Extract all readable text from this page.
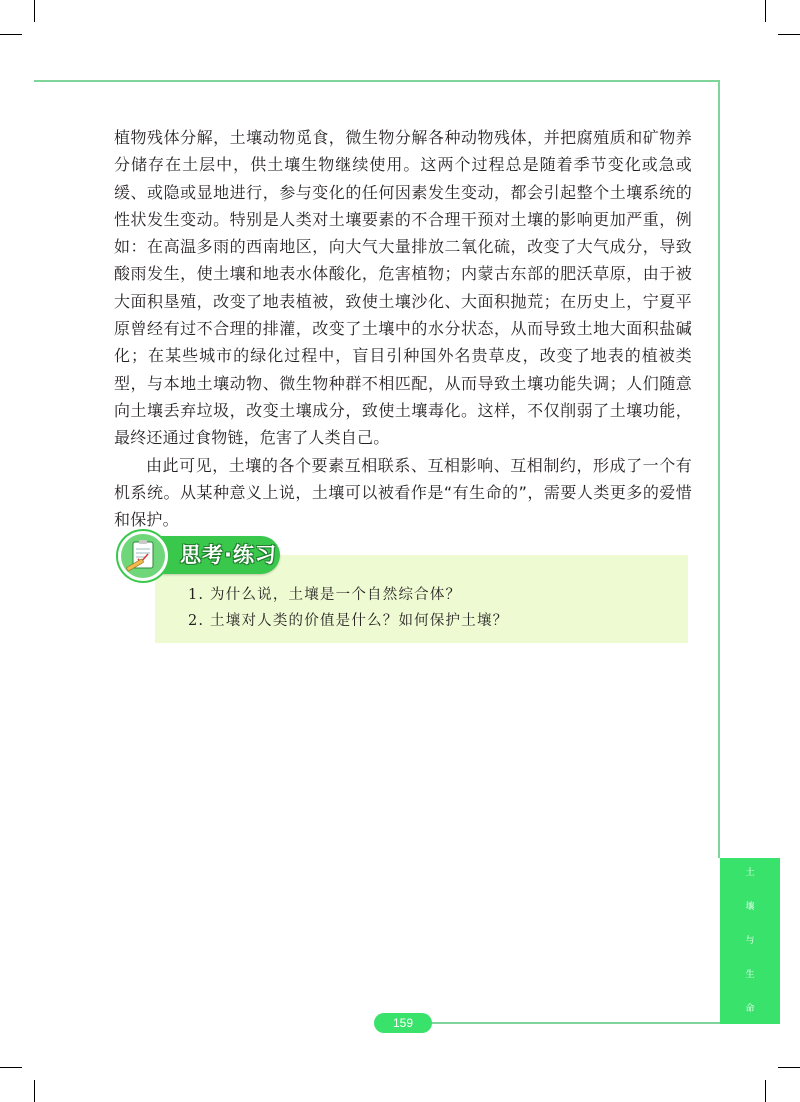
土
壤
与
生
命

植物残体分解，土壤动物觅食，微生物分解各种动物残体，并把腐殖质和矿物养分储存在土层中，供土壤生物继续使用。这两个过程总是随着季节变化或急或缓、或隐或显地进行，参与变化的任何因素发生变动，都会引起整个土壤系统的性状发生变动。特别是人类对土壤要素的不合理干预对土壤的影响更加严重，例如：在高温多雨的西南地区，向大气大量排放二氧化硫，改变了大气成分，导致酸雨发生，使土壤和地表水体酸化，危害植物；内蒙古东部的肥沃草原，由于被大面积垦殖，改变了地表植被，致使土壤沙化、大面积抛荒；在历史上，宁夏平原曾经有过不合理的排灌，改变了土壤中的水分状态，从而导致土地大面积盐碱化；在某些城市的绿化过程中，盲目引种国外名贵草皮，改变了地表的植被类型，与本地土壤动物、微生物种群不相匹配，从而导致土壤功能失调；人们随意向土壤丢弃垃圾，改变土壤成分，致使土壤毒化。这样，不仅削弱了土壤功能，最终还通过食物链，危害了人类自己。

由此可见，土壤的各个要素互相联系、互相影响、互相制约，形成了一个有机系统。从某种意义上说，土壤可以被看作是“有生命的”，需要人类更多的爱惜和保护。

思考·练习
1. 为什么说，土壤是一个自然综合体？
2. 土壤对人类的价值是什么？如何保护土壤？
159
